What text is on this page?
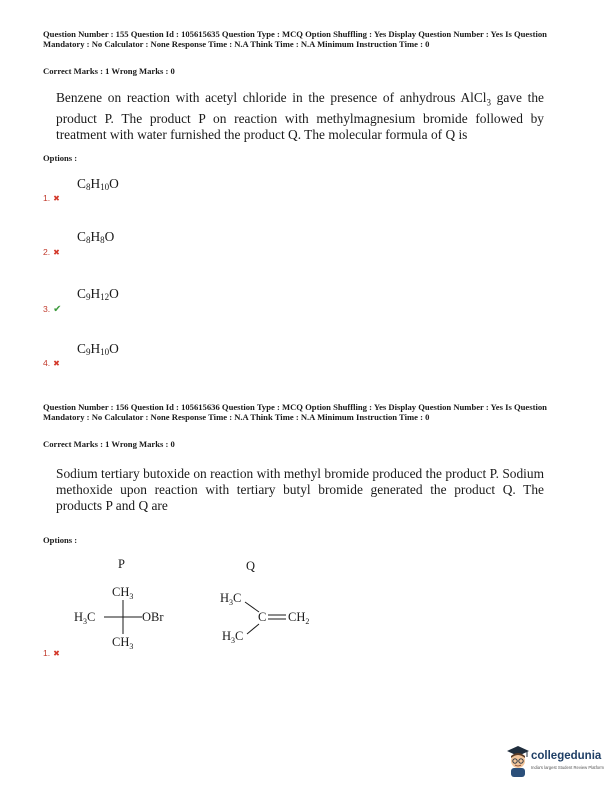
Question Number : 155 Question Id : 105615635 Question Type : MCQ Option Shuffling : Yes Display Question Number : Yes Is Question Mandatory : No Calculator : None Response Time : N.A Think Time : N.A Minimum Instruction Time : 0
Correct Marks : 1 Wrong Marks : 0
Benzene on reaction with acetyl chloride in the presence of anhydrous AlCl$_3$ gave the product P. The product P on reaction with methylmagnesium bromide followed by treatment with water furnished the product Q. The molecular formula of Q is
Options :
$C_8H_{10}O$
1. ✖
$C_8H_8O$
2. ✖
$C_9H_{12}O$
3. ✔
$C_9H_{10}O$
4. ✖
Question Number : 156 Question Id : 105615636 Question Type : MCQ Option Shuffling : Yes Display Question Number : Yes Is Question Mandatory : No Calculator : None Response Time : N.A Think Time : N.A Minimum Instruction Time : 0
Correct Marks : 1 Wrong Marks : 0
Sodium tertiary butoxide on reaction with methyl bromide produced the product P. Sodium methoxide upon reaction with tertiary butyl bromide generated the product Q. The products P and Q are
Options :
P	Q
$CH_3$
$H_3C$	OBr
$CH_3$
$H_3C$
$H_3C$
C $CH_2$
1. ✖
collegedunia
India's largest Student Review Platform
